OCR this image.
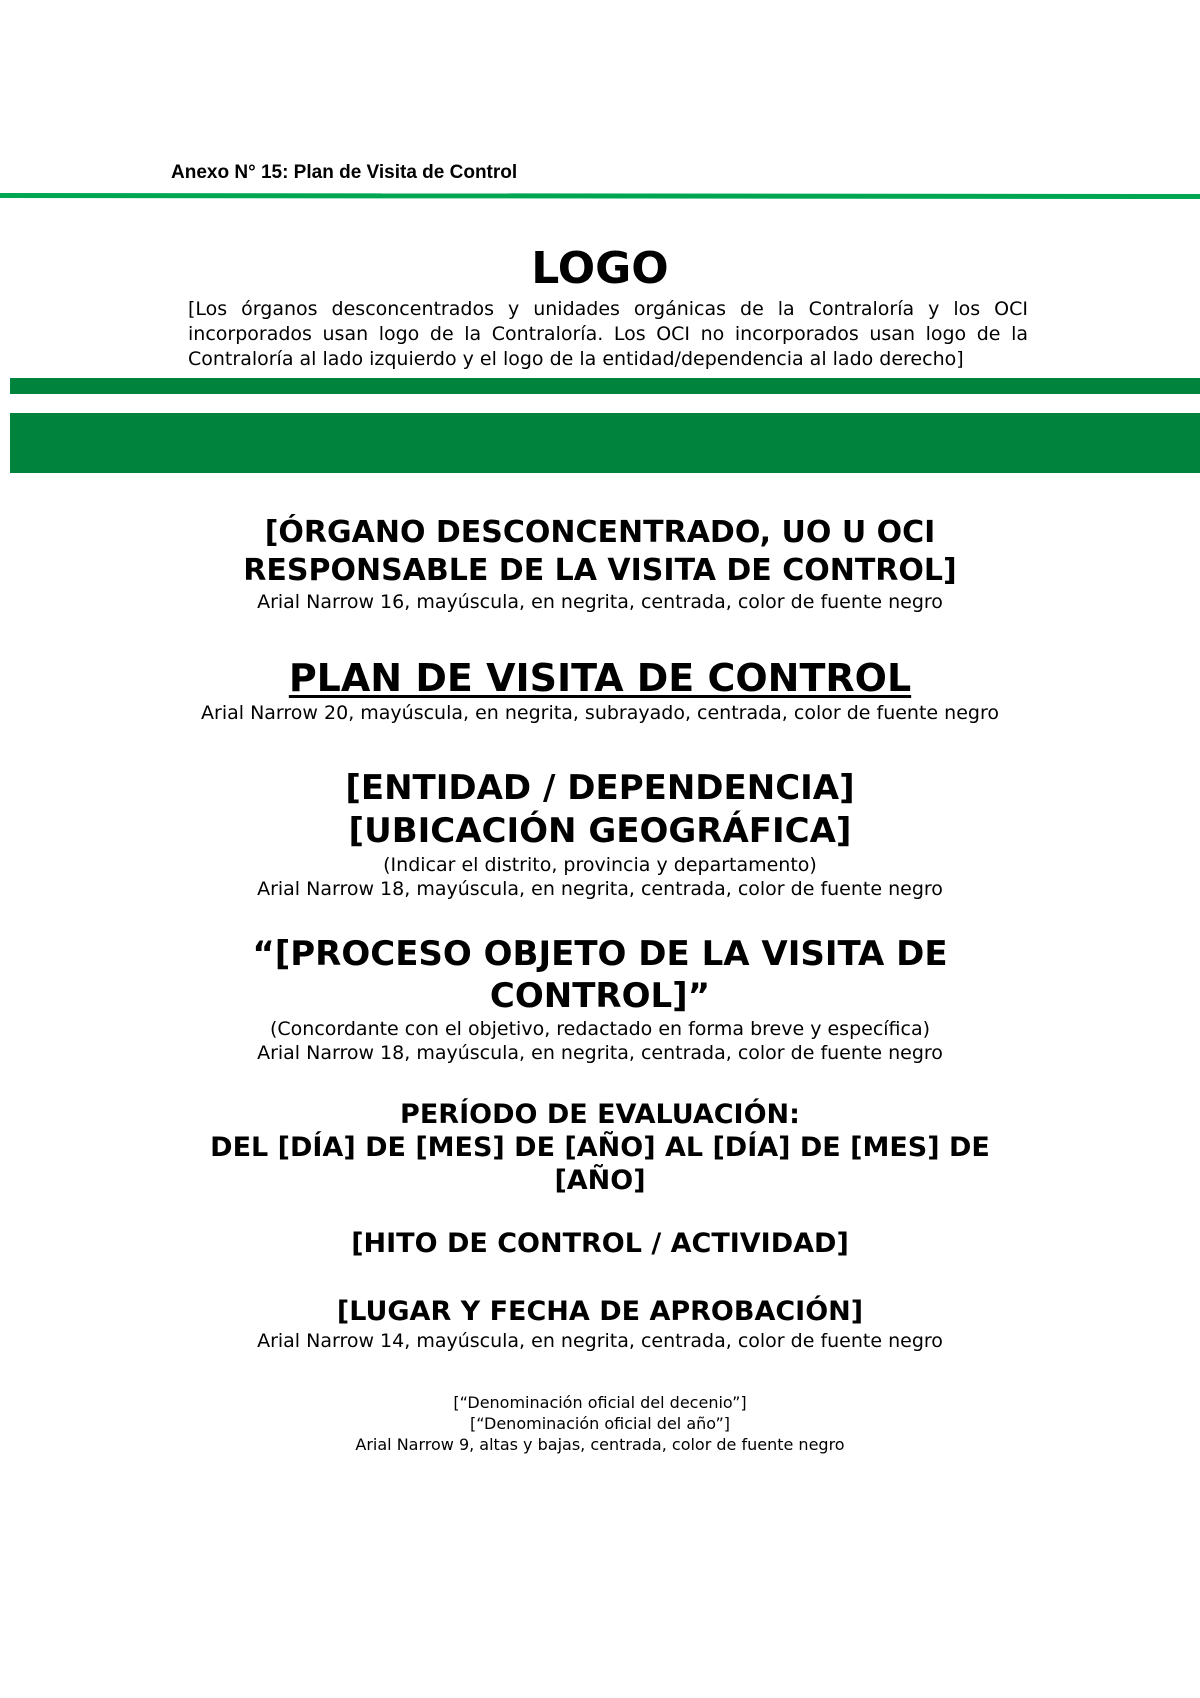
Anexo N° 15: Plan de Visita de Control
LOGO
[Los órganos desconcentrados y unidades orgánicas de la Contraloría y los OCI incorporados usan logo de la Contraloría. Los OCI no incorporados usan logo de la Contraloría al lado izquierdo y el logo de la entidad/dependencia al lado derecho]

[ÓRGANO DESCONCENTRADO, UO U OCI

RESPONSABLE DE LA VISITA DE CONTROL]

Arial Narrow 16, mayúscula, en negrita, centrada, color de fuente negro

PLAN DE VISITA DE CONTROL

Arial Narrow 20, mayúscula, en negrita, subrayado, centrada, color de fuente negro

[ENTIDAD / DEPENDENCIA]

[UBICACIÓN GEOGRÁFICA]

(Indicar el distrito, provincia y departamento)

Arial Narrow 18, mayúscula, en negrita, centrada, color de fuente negro

“[PROCESO OBJETO DE LA VISITA DE

CONTROL]”

(Concordante con el objetivo, redactado en forma breve y específica)

Arial Narrow 18, mayúscula, en negrita, centrada, color de fuente negro

PERÍODO DE EVALUACIÓN:

DEL [DÍA] DE [MES] DE [AÑO] AL [DÍA] DE [MES] DE

[AÑO]

[HITO DE CONTROL / ACTIVIDAD]

[LUGAR Y FECHA DE APROBACIÓN]

Arial Narrow 14, mayúscula, en negrita, centrada, color de fuente negro

[“Denominación oficial del decenio”]

[“Denominación oficial del año”]

Arial Narrow 9, altas y bajas, centrada, color de fuente negro
